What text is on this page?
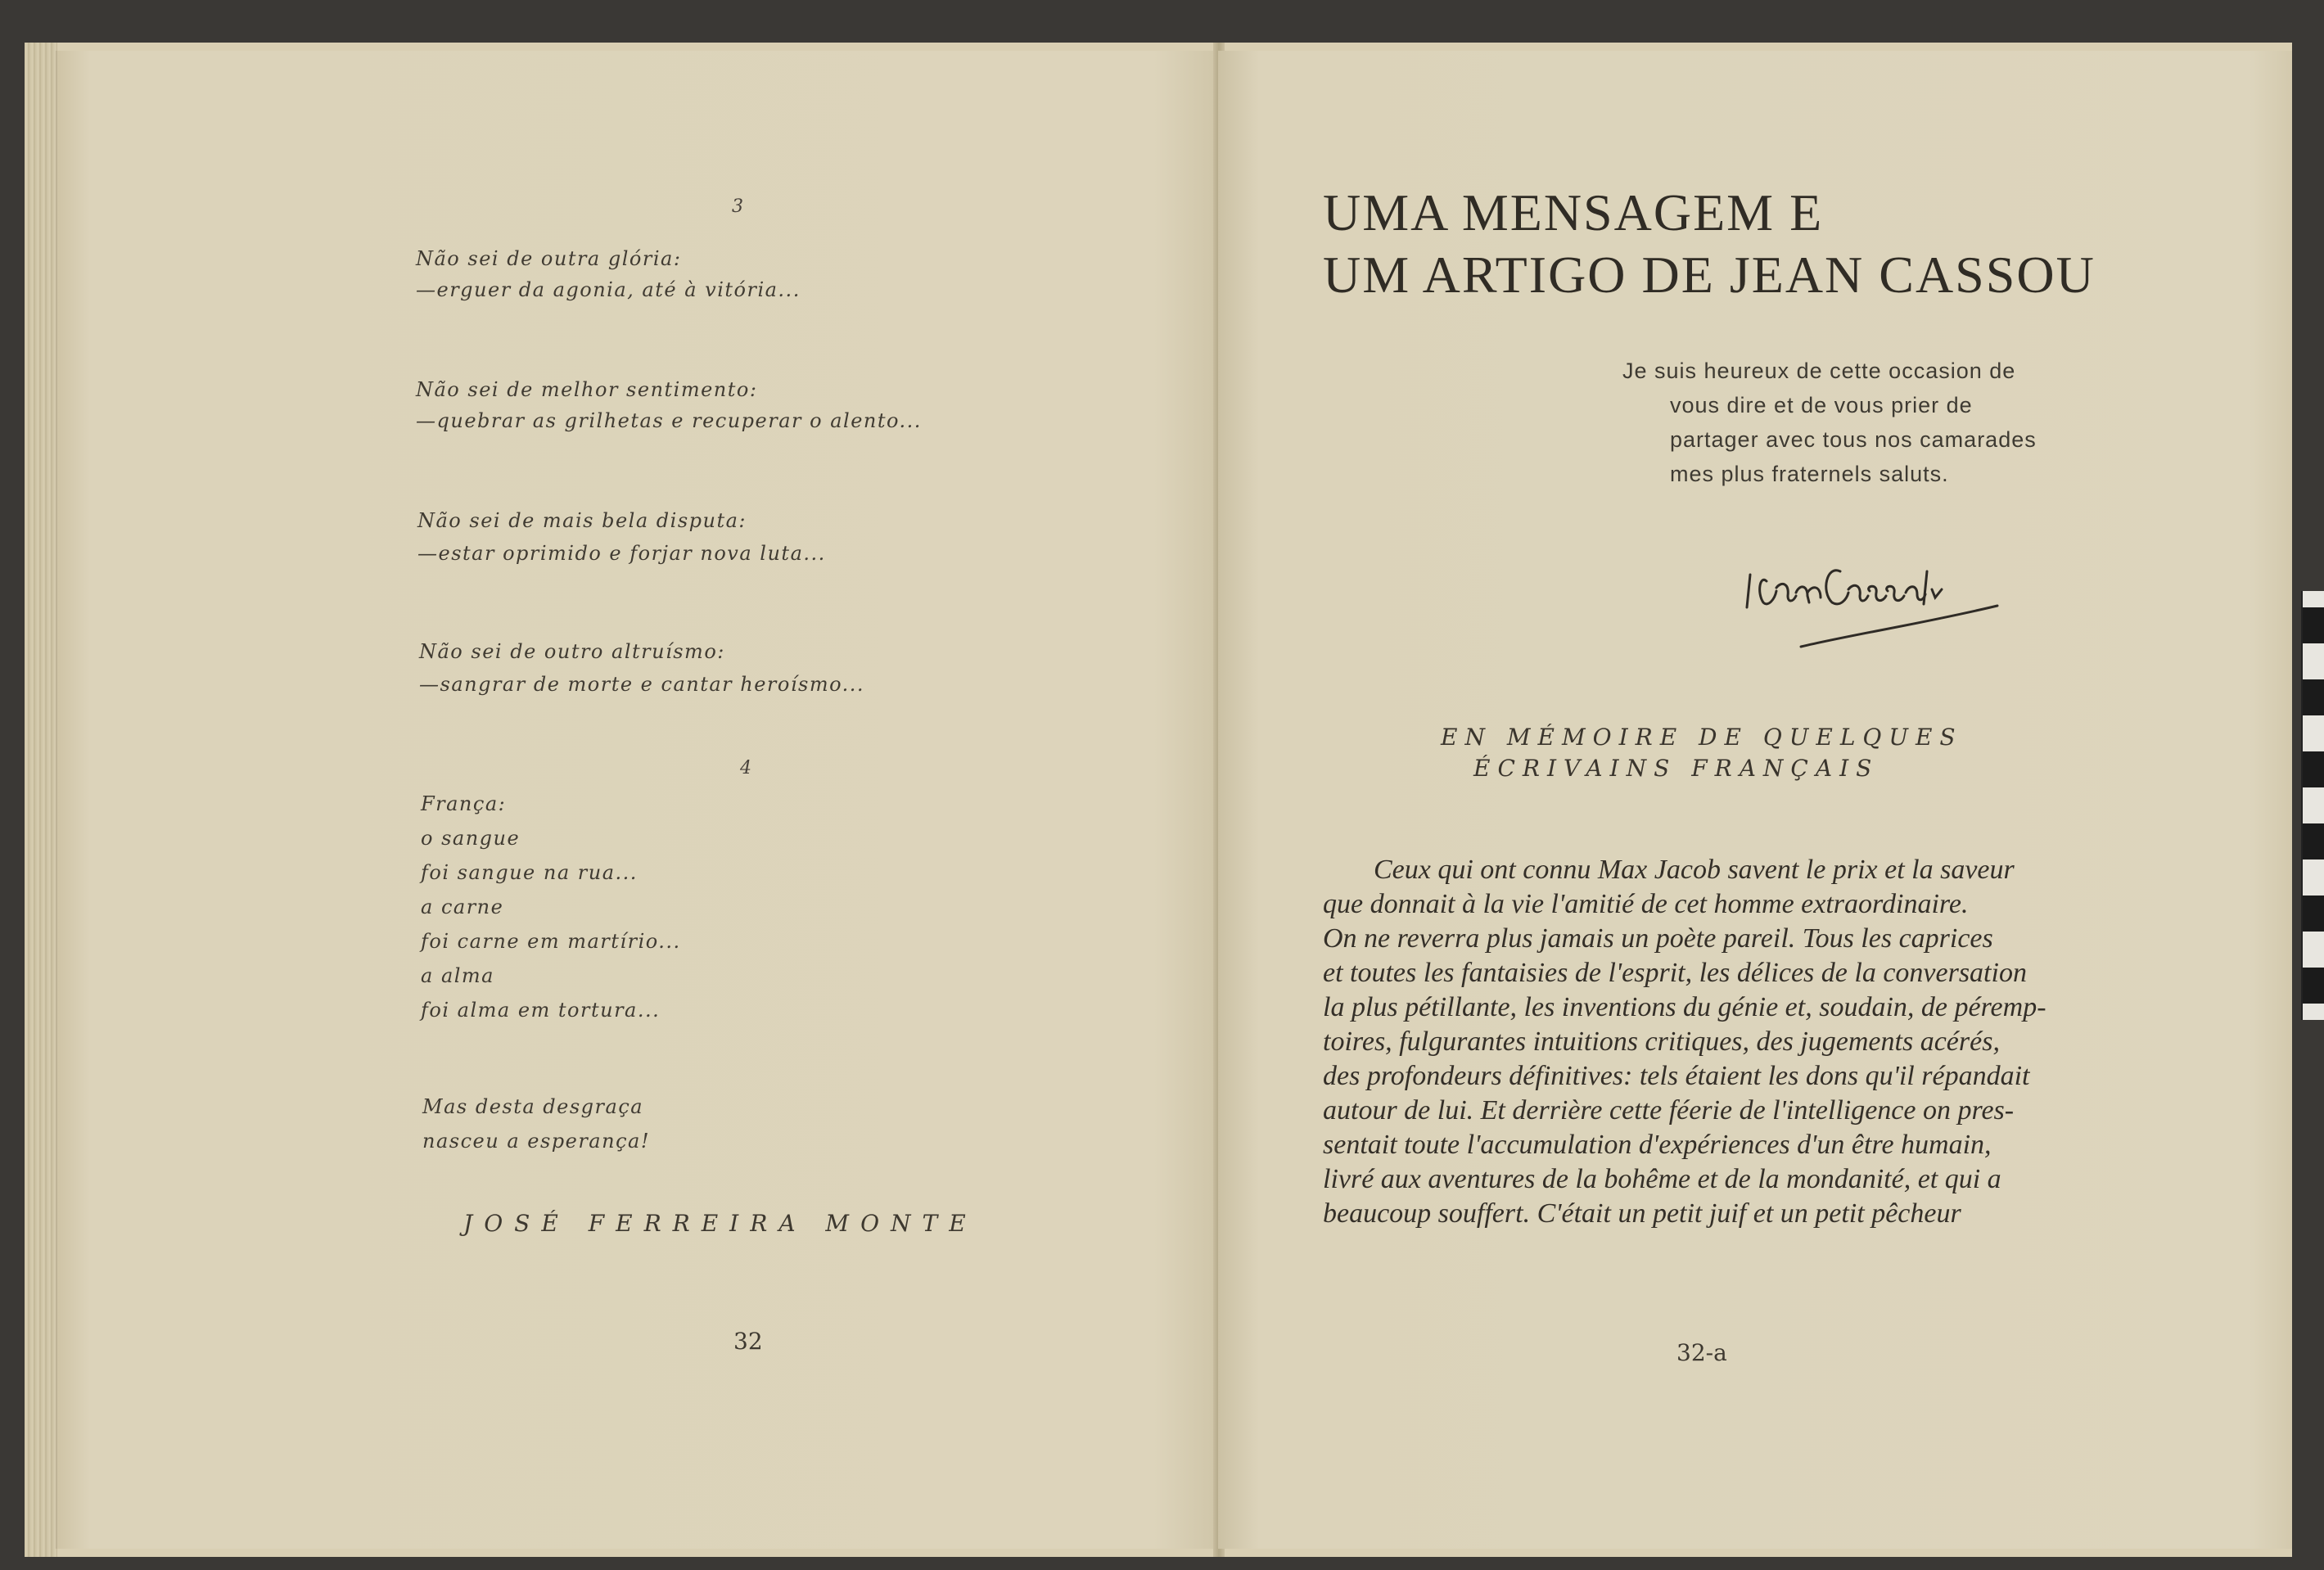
3
Não sei de outra glória:
—erguer da agonia, até à vitória...
Não sei de melhor sentimento:
—quebrar as grilhetas e recuperar o alento...
Não sei de mais bela disputa:
—estar oprimido e forjar nova luta...
Não sei de outro altruísmo:
—sangrar de morte e cantar heroísmo...
4
França:
o sangue
foi sangue na rua...
a carne
foi carne em martírio...
a alma
foi alma em tortura...
Mas desta desgraça
nasceu a esperança!
JOSÉ FERREIRA MONTE
32
UMA MENSAGEM E
UM ARTIGO DE JEAN CASSOU
Je suis heureux de cette occasion de
vous dire et de vous prier de
partager avec tous nos camarades
mes plus fraternels saluts.
EN MÉMOIRE DE QUELQUES
ÉCRIVAINS FRANÇAIS
Ceux qui ont connu Max Jacob savent le prix et la saveur
que donnait à la vie l'amitié de cet homme extraordinaire.
On ne reverra plus jamais un poète pareil. Tous les caprices
et toutes les fantaisies de l'esprit, les délices de la conversation
la plus pétillante, les inventions du génie et, soudain, de péremp-
toires, fulgurantes intuitions critiques, des jugements acérés,
des profondeurs définitives: tels étaient les dons qu'il répandait
autour de lui. Et derrière cette féerie de l'intelligence on pres-
sentait toute l'accumulation d'expériences d'un être humain,
livré aux aventures de la bohême et de la mondanité, et qui a
beaucoup souffert. C'était un petit juif et un petit pêcheur
32-a
